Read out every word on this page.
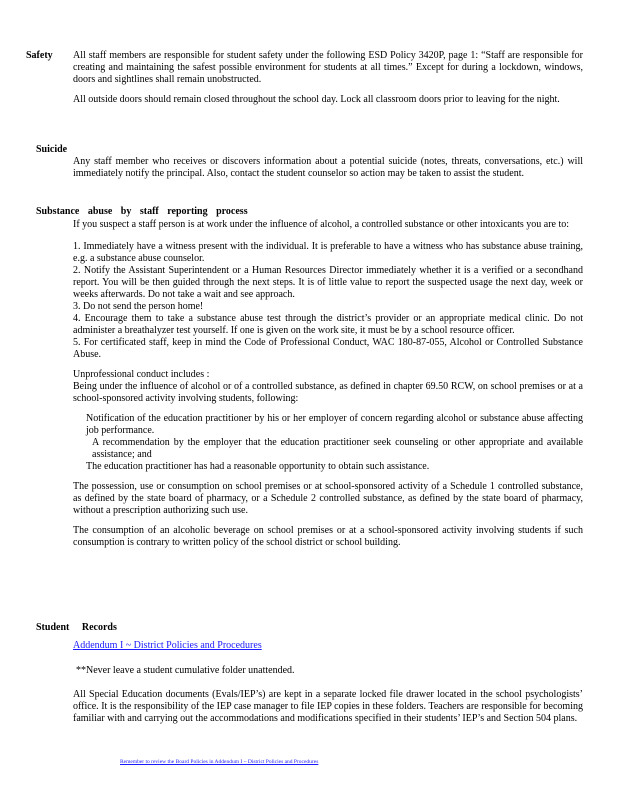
Safety All staff members are responsible for student safety under the following ESD Policy 3420P, page 1: “Staff are responsible for creating and maintaining the safest possible environment for students at all times.” Except for during a lockdown, windows, doors and sightlines shall remain unobstructed.

All outside doors should remain closed throughout the school day. Lock all classroom doors prior to leaving for the night.

Suicide

Any staff member who receives or discovers information about a potential suicide (notes, threats, conversations, etc.) will immediately notify the principal. Also, contact the student counselor so action may be taken to assist the student.

Substance abuse by staff reporting process

If you suspect a staff person is at work under the influence of alcohol, a controlled substance or other intoxicants you are to:

1. Immediately have a witness present with the individual. It is preferable to have a witness who has substance abuse training, e.g. a substance abuse counselor.

2. Notify the Assistant Superintendent or a Human Resources Director immediately whether it is a verified or a secondhand report. You will be then guided through the next steps. It is of little value to report the suspected usage the next day, week or weeks afterwards. Do not take a wait and see approach.

3. Do not send the person home!

4. Encourage them to take a substance abuse test through the district’s provider or an appropriate medical clinic. Do not administer a breathalyzer test yourself. If one is given on the work site, it must be by a school resource officer.

5. For certificated staff, keep in mind the Code of Professional Conduct, WAC 180-87-055, Alcohol or Controlled Substance Abuse.

Unprofessional conduct includes :

Being under the influence of alcohol or of a controlled substance, as defined in chapter 69.50 RCW, on school premises or at a school-sponsored activity involving students, following:

Notification of the education practitioner by his or her employer of concern regarding alcohol or substance abuse affecting job performance.

A recommendation by the employer that the education practitioner seek counseling or other appropriate and available assistance; and

The education practitioner has had a reasonable opportunity to obtain such assistance.

The possession, use or consumption on school premises or at school-sponsored activity of a Schedule 1 controlled substance, as defined by the state board of pharmacy, or a Schedule 2 controlled substance, as defined by the state board of pharmacy, without a prescription authorizing such use.

The consumption of an alcoholic beverage on school premises or at a school-sponsored activity involving students if such consumption is contrary to written policy of the school district or school building.

Student Records

Addendum I ~ District Policies and Procedures

**Never leave a student cumulative folder unattended.

All Special Education documents (Evals/IEP’s) are kept in a separate locked file drawer located in the school psychologists’ office. It is the responsibility of the IEP case manager to file IEP copies in these folders. Teachers are responsible for becoming familiar with and carrying out the accommodations and modifications specified in their students’ IEP’s and Section 504 plans.

Remember to review the Board Policies in Addendum I ~ District Policies and Procedures
